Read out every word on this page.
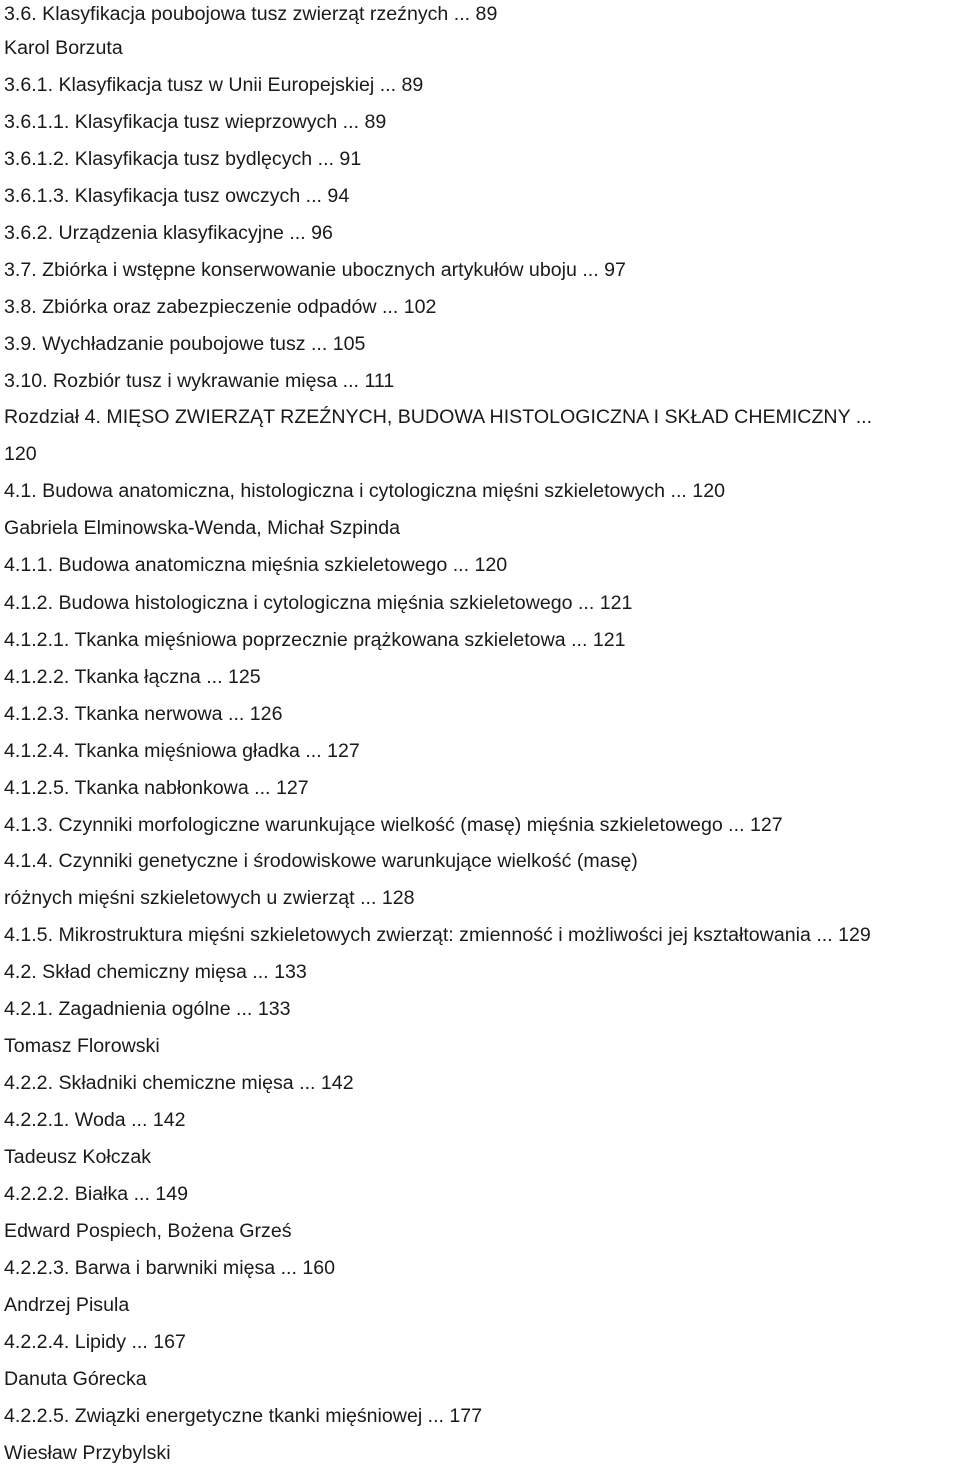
3.6. Klasyfikacja poubojowa tusz zwierząt rzeźnych ... 89

Karol Borzuta

3.6.1. Klasyfikacja tusz w Unii Europejskiej ... 89

3.6.1.1. Klasyfikacja tusz wieprzowych ... 89

3.6.1.2. Klasyfikacja tusz bydlęcych ... 91

3.6.1.3. Klasyfikacja tusz owczych ... 94

3.6.2. Urządzenia klasyfikacyjne ... 96

3.7. Zbiórka i wstępne konserwowanie ubocznych artykułów uboju ... 97

3.8. Zbiórka oraz zabezpieczenie odpadów ... 102

3.9. Wychładzanie poubojowe tusz ... 105

3.10. Rozbiór tusz i wykrawanie mięsa ... 111

Rozdział 4. MIĘSO ZWIERZĄT RZEŹNYCH, BUDOWA HISTOLOGICZNA I SKŁAD CHEMICZNY ...

120

4.1. Budowa anatomiczna, histologiczna i cytologiczna mięśni szkieletowych ... 120

Gabriela Elminowska-Wenda, Michał Szpinda

4.1.1. Budowa anatomiczna mięśnia szkieletowego ... 120

4.1.2. Budowa histologiczna i cytologiczna mięśnia szkieletowego ... 121

4.1.2.1. Tkanka mięśniowa poprzecznie prążkowana szkieletowa ... 121

4.1.2.2. Tkanka łączna ... 125

4.1.2.3. Tkanka nerwowa ... 126

4.1.2.4. Tkanka mięśniowa gładka ... 127

4.1.2.5. Tkanka nabłonkowa ... 127

4.1.3. Czynniki morfologiczne warunkujące wielkość (masę) mięśnia szkieletowego ... 127

4.1.4. Czynniki genetyczne i środowiskowe warunkujące wielkość (masę)

różnych mięśni szkieletowych u zwierząt ... 128

4.1.5. Mikrostruktura mięśni szkieletowych zwierząt: zmienność i możliwości jej kształtowania ... 129

4.2. Skład chemiczny mięsa ... 133

4.2.1. Zagadnienia ogólne ... 133

Tomasz Florowski

4.2.2. Składniki chemiczne mięsa ... 142

4.2.2.1. Woda ... 142

Tadeusz Kołczak

4.2.2.2. Białka ... 149

Edward Pospiech, Bożena Grześ

4.2.2.3. Barwa i barwniki mięsa ... 160

Andrzej Pisula

4.2.2.4. Lipidy ... 167

Danuta Górecka

4.2.2.5. Związki energetyczne tkanki mięśniowej ... 177

Wiesław Przybylski
